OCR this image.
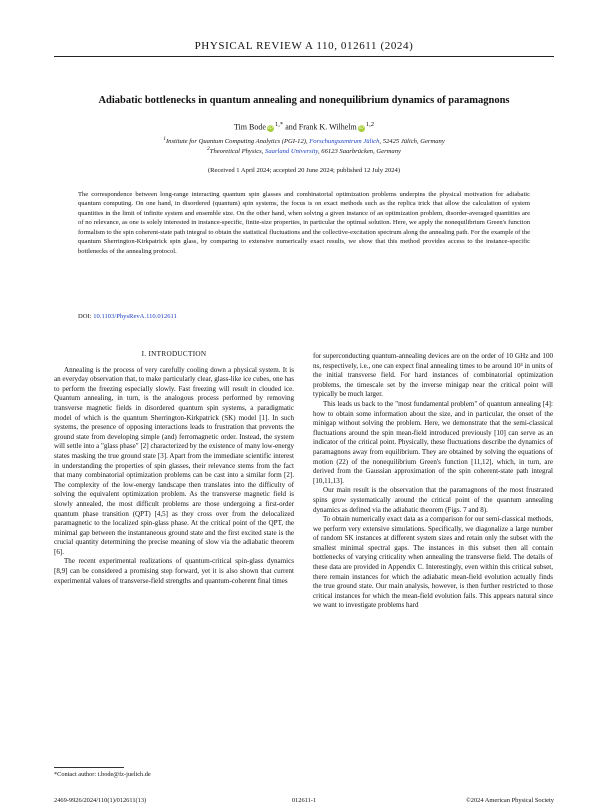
PHYSICAL REVIEW A 110, 012611 (2024)
Adiabatic bottlenecks in quantum annealing and nonequilibrium dynamics of paramagnons
Tim Bode $iD^{1,*}$ and Frank K. Wilhelm iD$^{1,2}$
$^1$Institute for Quantum Computing Analytics (PGI-12), Forschungszentrum Jülich, 52425 Jülich, Germany
$^2$Theoretical Physics, Saarland University, 66123 Saarbrücken, Germany
(Received 1 April 2024; accepted 20 June 2024; published 12 July 2024)
The correspondence between long-range interacting quantum spin glasses and combinatorial optimization problems underpins the physical motivation for adiabatic quantum computing. On one hand, in disordered (quantum) spin systems, the focus is on exact methods such as the replica trick that allow the calculation of system quantities in the limit of infinite system and ensemble size. On the other hand, when solving a given instance of an optimization problem, disorder-averaged quantities are of no relevance, as one is solely interested in instance-specific, finite-size properties, in particular the optimal solution. Here, we apply the nonequilibrium Green's function formalism to the spin coherent-state path integral to obtain the statistical fluctuations and the collective-excitation spectrum along the annealing path. For the example of the quantum Sherrington-Kirkpatrick spin glass, by comparing to extensive numerically exact results, we show that this method provides access to the instance-specific bottlenecks of the annealing protocol.
DOI: 10.1103/PhysRevA.110.012611
I. INTRODUCTION

Annealing is the process of very carefully cooling down a physical system. It is an everyday observation that, to make particularly clear, glass-like ice cubes, one has to perform the freezing especially slowly. Fast freezing will result in clouded ice. Quantum annealing, in turn, is the analogous process performed by removing transverse magnetic fields in disordered quantum spin systems, a paradigmatic model of which is the quantum Sherrington-Kirkpatrick (SK) model [1]. In such systems, the presence of opposing interactions leads to frustration that prevents the ground state from developing simple (and) ferromagnetic order. Instead, the system will settle into a "glass phase" [2] characterized by the existence of many low-energy states masking the true ground state [3]. Apart from the immediate scientific interest in understanding the properties of spin glasses, their relevance stems from the fact that many combinatorial optimization problems can be cast into a similar form [2]. The complexity of the low-energy landscape then translates into the difficulty of solving the equivalent optimization problem. As the transverse magnetic field is slowly annealed, the most difficult problems are those undergoing a first-order quantum phase transition (QPT) [4,5] as they cross over from the delocalized paramagnetic to the localized spin-glass phase. At the critical point of the QPT, the minimal gap between the instantaneous ground state and the first excited state is the crucial quantity determining the precise meaning of slow via the adiabatic theorem [6].

The recent experimental realizations of quantum-critical spin-glass dynamics [8,9] can be considered a promising step forward, yet it is also shown that current experimental values of transverse-field strengths and quantum-coherent final times

for superconducting quantum-annealing devices are on the order of 10 GHz and 100 ns, respectively, i.e., one can expect final annealing times to be around 10³ in units of the initial transverse field. For hard instances of combinatorial optimization problems, the timescale set by the inverse minigap near the critical point will typically be much larger.

This leads us back to the "most fundamental problem" of quantum annealing [4]: how to obtain some information about the size, and in particular, the onset of the minigap without solving the problem. Here, we demonstrate that the semi-classical fluctuations around the spin mean-field introduced previously [10] can serve as an indicator of the critical point. Physically, these fluctuations describe the dynamics of paramagnons away from equilibrium. They are obtained by solving the equations of motion (22) of the nonequilibrium Green's function [11,12], which, in turn, are derived from the Gaussian approximation of the spin coherent-state path integral [10,11,13].

Our main result is the observation that the paramagnons of the most frustrated spins grow systematically around the critical point of the quantum annealing dynamics as defined via the adiabatic theorem (Figs. 7 and 8).

To obtain numerically exact data as a comparison for our semi-classical methods, we perform very extensive simulations. Specifically, we diagonalize a large number of random SK instances at different system sizes and retain only the subset with the smallest minimal spectral gaps. The instances in this subset then all contain bottlenecks of varying criticality when annealing the transverse field. The details of these data are provided in Appendix C. Interestingly, even within this critical subset, there remain instances for which the adiabatic mean-field evolution actually finds the true ground state. Our main analysis, however, is then further restricted to those critical instances for which the mean-field evolution fails. This appears natural since we want to investigate problems hard

*Contact author: t.bode@fz-juelich.de
2469-9926/2024/110(1)/012611(13)	012611-1	©2024 American Physical Society
